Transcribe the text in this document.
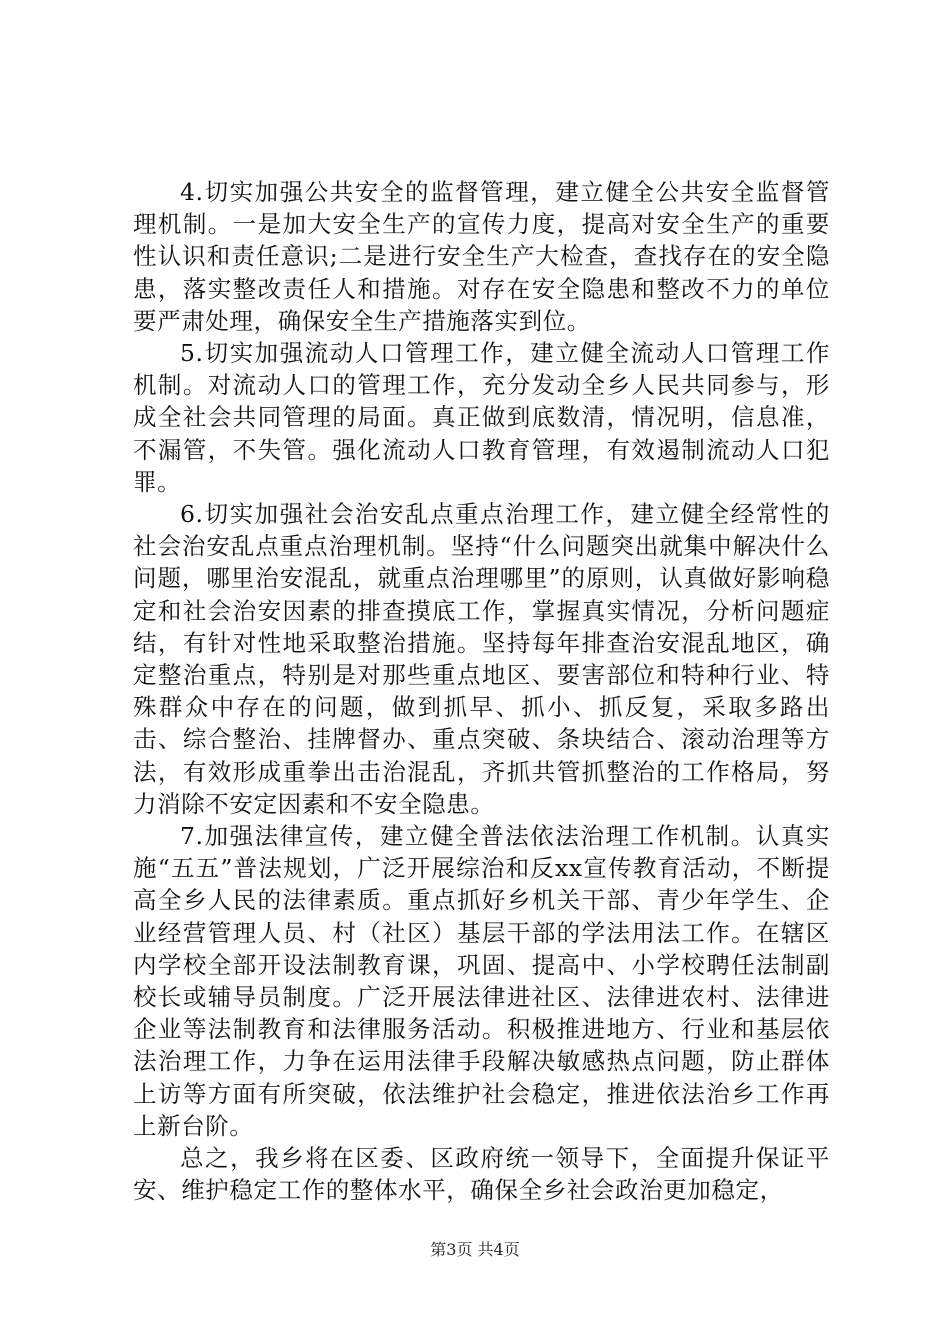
4.切实加强公共安全的监督管理，建立健全公共安全监督管理机制。一是加大安全生产的宣传力度，提高对安全生产的重要性认识和责任意识;二是进行安全生产大检查，查找存在的安全隐患，落实整改责任人和措施。对存在安全隐患和整改不力的单位要严肃处理，确保安全生产措施落实到位。

5.切实加强流动人口管理工作，建立健全流动人口管理工作机制。对流动人口的管理工作，充分发动全乡人民共同参与，形成全社会共同管理的局面。真正做到底数清，情况明，信息准，不漏管，不失管。强化流动人口教育管理，有效遏制流动人口犯罪。

6.切实加强社会治安乱点重点治理工作，建立健全经常性的社会治安乱点重点治理机制。坚持“什么问题突出就集中解决什么问题，哪里治安混乱，就重点治理哪里”的原则，认真做好影响稳定和社会治安因素的排查摸底工作，掌握真实情况，分析问题症结，有针对性地采取整治措施。坚持每年排查治安混乱地区，确定整治重点，特别是对那些重点地区、要害部位和特种行业、特殊群众中存在的问题，做到抓早、抓小、抓反复，采取多路出击、综合整治、挂牌督办、重点突破、条块结合、滚动治理等方法，有效形成重拳出击治混乱，齐抓共管抓整治的工作格局，努力消除不安定因素和不安全隐患。

7.加强法律宣传，建立健全普法依法治理工作机制。认真实施“五五”普法规划，广泛开展综治和反xx宣传教育活动，不断提高全乡人民的法律素质。重点抓好乡机关干部、青少年学生、企业经营管理人员、村（社区）基层干部的学法用法工作。在辖区内学校全部开设法制教育课，巩固、提高中、小学校聘任法制副校长或辅导员制度。广泛开展法律进社区、法律进农村、法律进企业等法制教育和法律服务活动。积极推进地方、行业和基层依法治理工作，力争在运用法律手段解决敏感热点问题，防止群体上访等方面有所突破，依法维护社会稳定，推进依法治乡工作再上新台阶。

总之，我乡将在区委、区政府统一领导下，全面提升保证平安、维护稳定工作的整体水平，确保全乡社会政治更加稳定，

第3页 共4页
